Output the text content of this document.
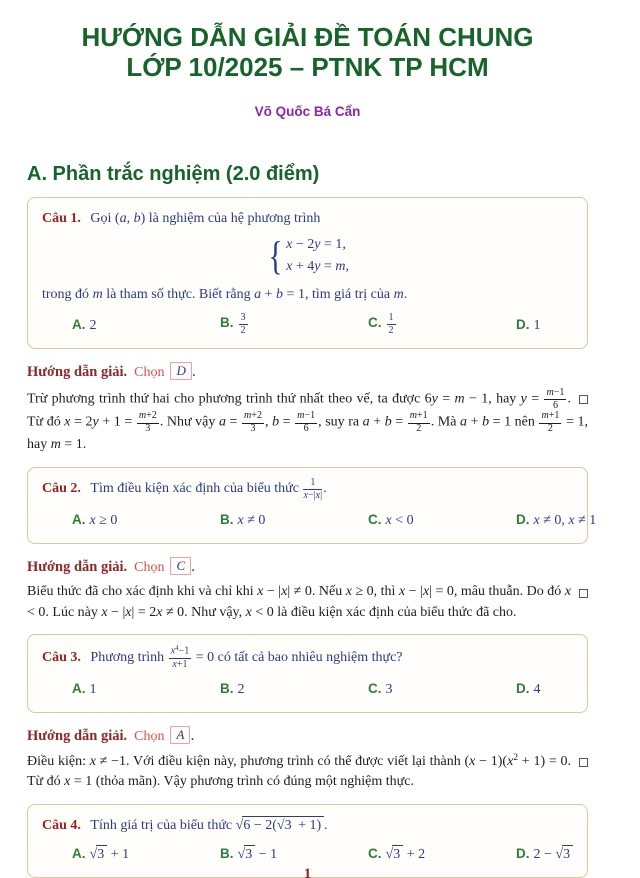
HƯỚNG DẪN GIẢI ĐỀ TOÁN CHUNG
LỚP 10/2025 – PTNK TP HCM
Võ Quốc Bá Cẩn
A. Phần trắc nghiệm (2.0 điểm)

Câu 1. Gọi (a, b) là nghiệm của hệ phương trình

{ x − 2y = 1,
x + 4y = m,

trong đó m là tham số thực. Biết rằng a + b = 1, tìm giá trị của m.

A. 2	B. $\frac{3}{2}$	C. $\frac{1}{2}$	D. 1

Hướng dẫn giải. Chọn D .

Trừ phương trình thứ hai cho phương trình thứ nhất theo vế, ta được 6y = m − 1, hay $y = \frac{m-1}{6}$ . Từ đó $x = 2y + 1 = \frac{m+2}{3}$ . Như vậy $a = \frac{m+2}{3}$ , $b = \frac{m-1}{6}$ , suy ra $a + b = \frac{m+1}{2}$ . Mà a + b = 1 nên $\frac{m+1}{2} = 1$, hay m = 1.

Câu 2. Tìm điều kiện xác định của biểu thức $\frac{1}{x-|x|}$ .

A. x ≥ 0	B. x ≠ 0	C. x < 0	D. x ≠ 0, x ≠ 1

Hướng dẫn giải. Chọn C .

Biểu thức đã cho xác định khi và chỉ khi x − |x| ≠ 0. Nếu x ≥ 0, thì x − |x| = 0, mâu thuẫn. Do đó x < 0. Lúc này x − |x| = 2x ≠ 0. Như vậy, x < 0 là điều kiện xác định của biểu thức đã cho.

Câu 3. Phương trình $\frac{x^4-1}{x+1} = 0$ có tất cả bao nhiêu nghiệm thực?

A. 1	B. 2	C. 3	D. 4

Hướng dẫn giải. Chọn A .

Điều kiện: x ≠ −1. Với điều kiện này, phương trình có thể được viết lại thành $(x - 1)(x^2 + 1) = 0$. Từ đó x = 1 (thỏa mãn). Vậy phương trình có đúng một nghiệm thực.

Câu 4. Tính giá trị của biểu thức √6 − 2(√3 + 1) .

A. √3 + 1	B. √3 − 1	C. √3 + 2	D. 2 − √3
1
